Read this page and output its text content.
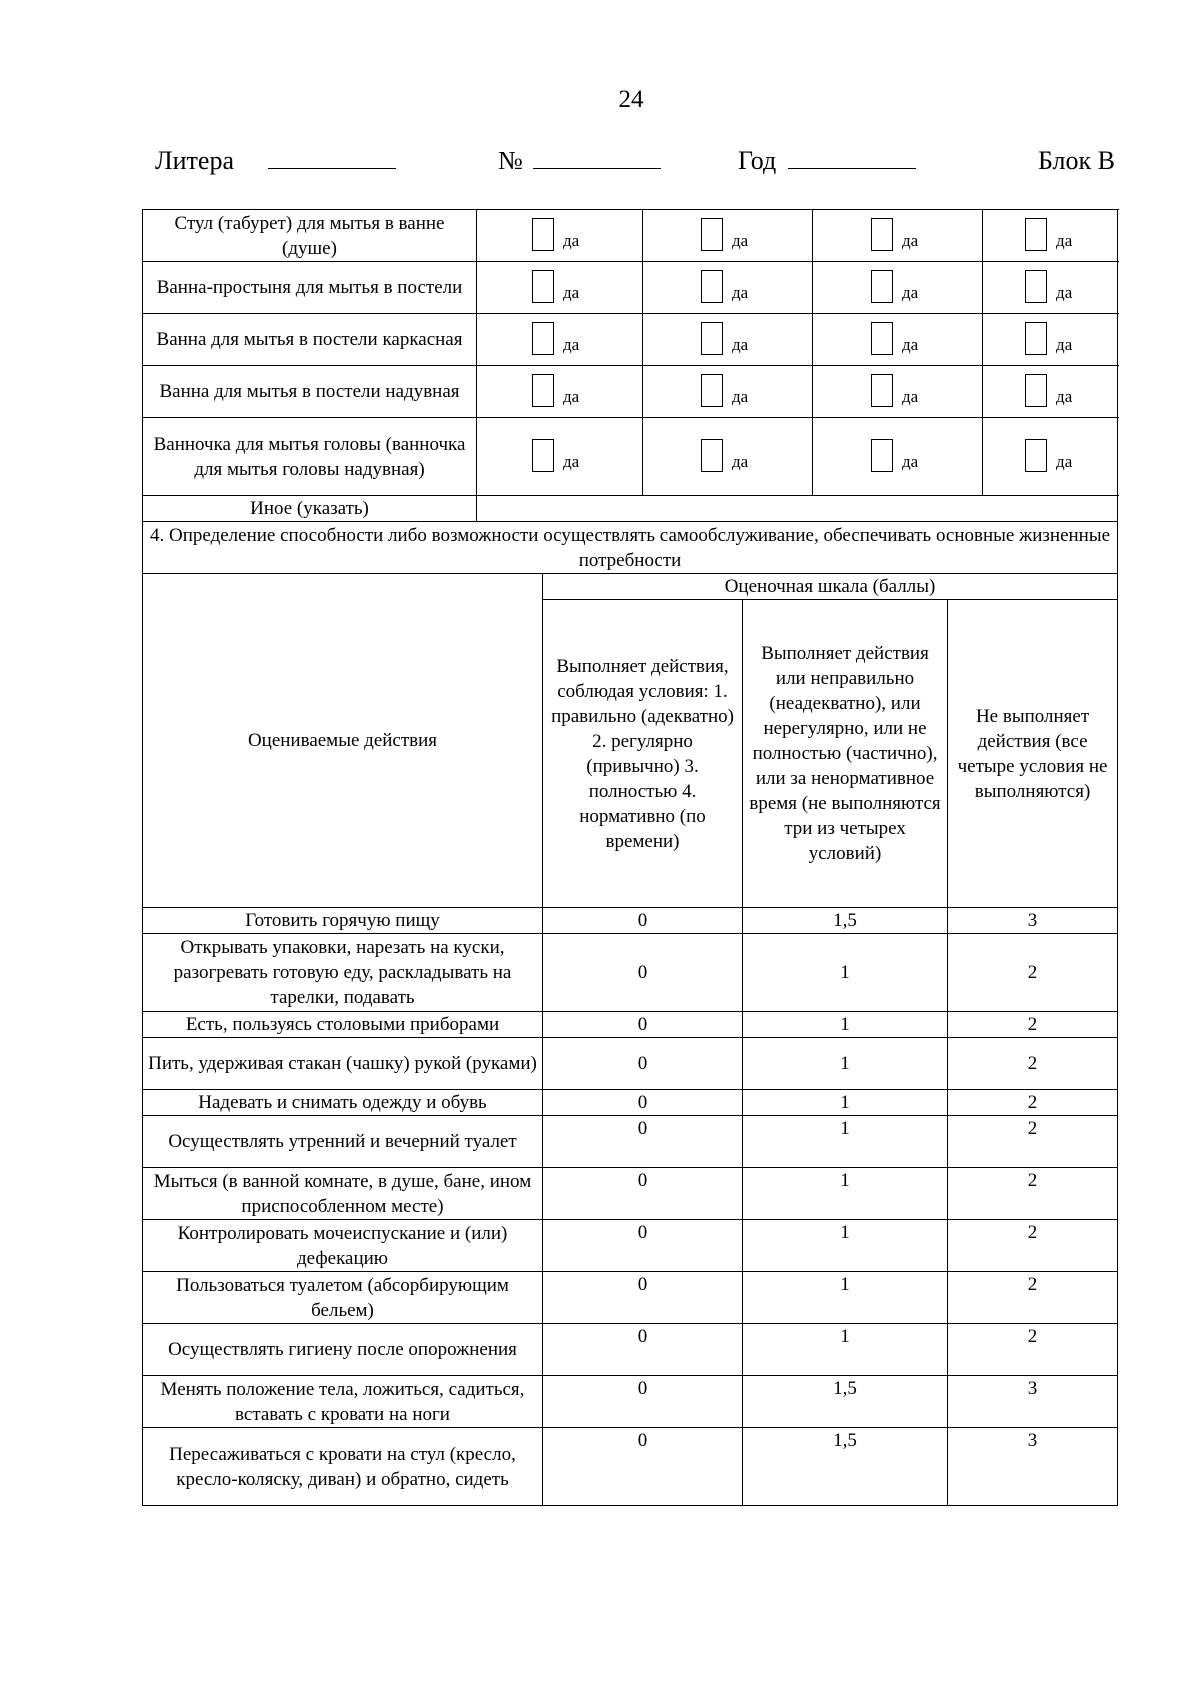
24
Литера	№	Год	Блок В
Стул (табурет) для мытья в ванне (душе)	да		да		да		да

Ванна-простыня для мытья в постели	да		да		да		да

Ванна для мытья в постели каркасная	да		да		да		да

Ванна для мытья в постели надувная	да		да		да		да

Ванночка для мытья головы (ванночка для мытья головы надувная)	да		да		да		да

Иное (указать)							
4. Определение способности либо возможности осуществлять самообслуживание, обеспечивать основные жизненные потребности							
Оцениваемые действия		Оценочная шкала (баллы)					
		Выполняет действия, соблюдая условия: 1. правильно (адекватно) 2. регулярно (привычно) 3. полностью 4. нормативно (по времени)		Выполняет действия или неправильно (неадекватно), или нерегулярно, или не полностью (частично), или за ненормативное время (не выполняются три из четырех условий)		Не выполняет действия (все четыре условия не выполняются)	
Готовить горячую пищу		0		1,5		3	
Открывать упаковки, нарезать на куски, разогревать готовую еду, раскладывать на тарелки, подавать		0		1		2	
Есть, пользуясь столовыми приборами		0		1		2	
Пить, удерживая стакан (чашку) рукой (руками)		0		1		2	
Надевать и снимать одежду и обувь		0		1		2	
Осуществлять утренний и вечерний туалет		0		1		2	
Мыться (в ванной комнате, в душе, бане, ином приспособленном месте)		0		1		2	
Контролировать мочеиспускание и (или) дефекацию		0		1		2	
Пользоваться туалетом (абсорбирующим бельем)		0		1		2	
Осуществлять гигиену после опорожнения		0		1		2	
Менять положение тела, ложиться, садиться, вставать с кровати на ноги		0		1,5		3	
Пересаживаться с кровати на стул (кресло, кресло-коляску, диван) и обратно, сидеть		0		1,5		3	
